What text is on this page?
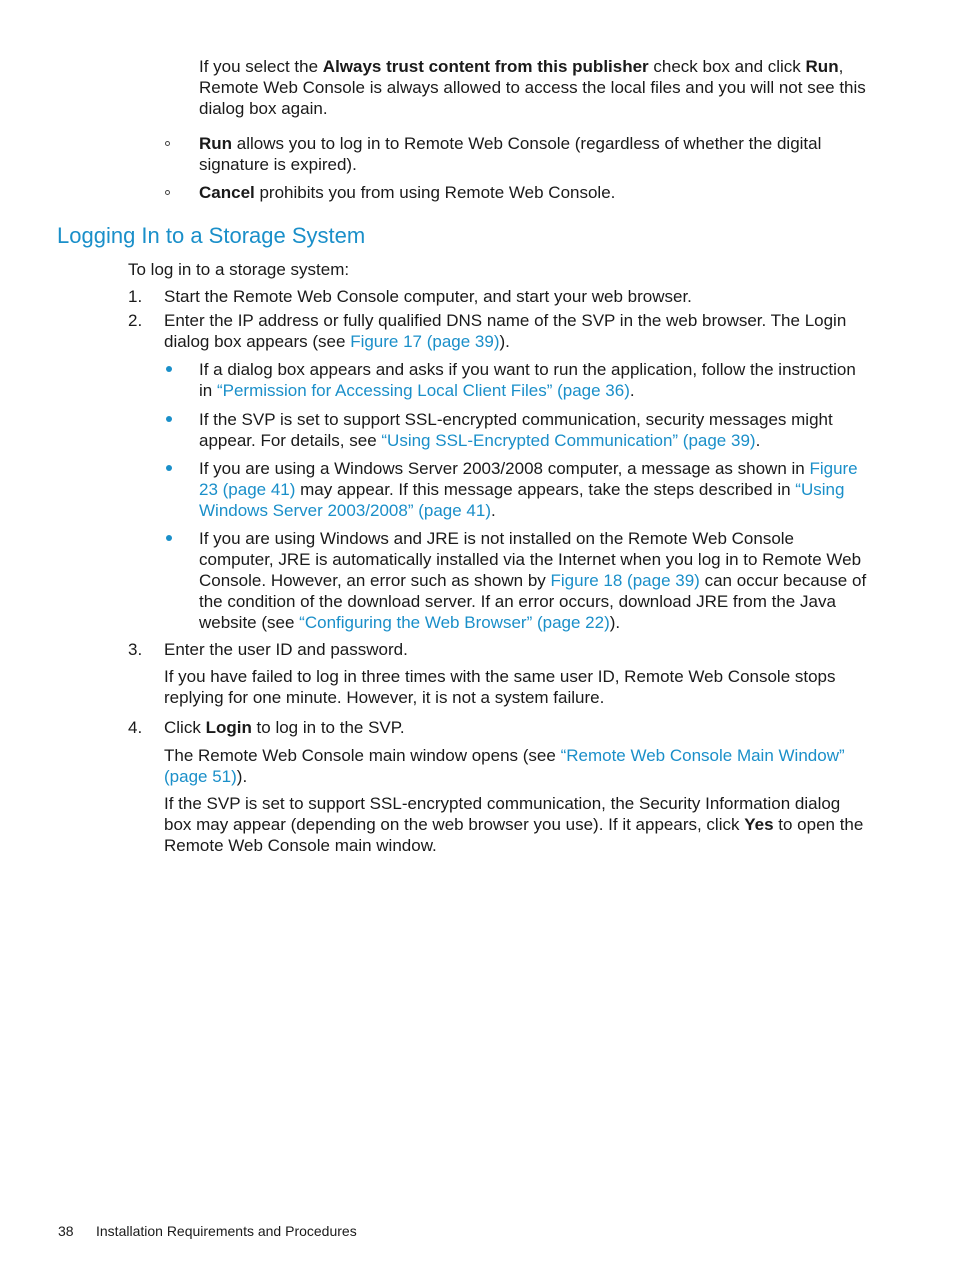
If you select the Always trust content from this publisher check box and click Run, Remote Web Console is always allowed to access the local files and you will not see this dialog box again.

Run allows you to log in to Remote Web Console (regardless of whether the digital signature is expired).

Cancel prohibits you from using Remote Web Console.

Logging In to a Storage System

To log in to a storage system:

1. Start the Remote Web Console computer, and start your web browser.

2. Enter the IP address or fully qualified DNS name of the SVP in the web browser. The Login dialog box appears (see Figure 17 (page 39)).

If a dialog box appears and asks if you want to run the application, follow the instruction in “Permission for Accessing Local Client Files” (page 36).

If the SVP is set to support SSL-encrypted communication, security messages might appear. For details, see “Using SSL-Encrypted Communication” (page 39).

If you are using a Windows Server 2003/2008 computer, a message as shown in Figure 23 (page 41) may appear. If this message appears, take the steps described in “Using Windows Server 2003/2008” (page 41).

If you are using Windows and JRE is not installed on the Remote Web Console computer, JRE is automatically installed via the Internet when you log in to Remote Web Console. However, an error such as shown by Figure 18 (page 39) can occur because of the condition of the download server. If an error occurs, download JRE from the Java website (see “Configuring the Web Browser” (page 22)).

3. Enter the user ID and password.

If you have failed to log in three times with the same user ID, Remote Web Console stops replying for one minute. However, it is not a system failure.

4. Click Login to log in to the SVP.

The Remote Web Console main window opens (see “Remote Web Console Main Window” (page 51)).

If the SVP is set to support SSL-encrypted communication, the Security Information dialog box may appear (depending on the web browser you use). If it appears, click Yes to open the Remote Web Console main window.

38 Installation Requirements and Procedures
